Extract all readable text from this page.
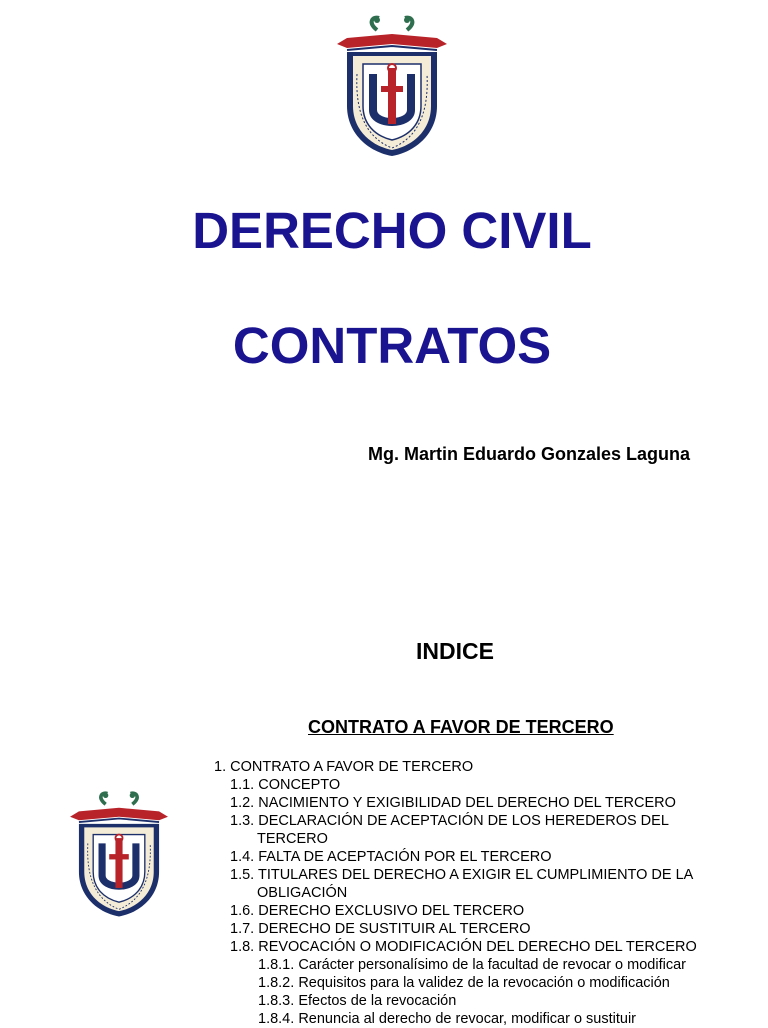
DERECHO CIVIL
CONTRATOS
Mg. Martin Eduardo Gonzales Laguna
INDICE
CONTRATO A FAVOR DE TERCERO
1. CONTRATO A FAVOR DE TERCERO
1.1. CONCEPTO
1.2. NACIMIENTO Y EXIGIBILIDAD DEL DERECHO DEL TERCERO
1.3. DECLARACIÓN DE ACEPTACIÓN DE LOS HEREDEROS DEL
TERCERO
1.4. FALTA DE ACEPTACIÓN POR EL TERCERO
1.5. TITULARES DEL DERECHO A EXIGIR EL CUMPLIMIENTO DE LA
OBLIGACIÓN
1.6. DERECHO EXCLUSIVO DEL TERCERO
1.7. DERECHO DE SUSTITUIR AL TERCERO
1.8. REVOCACIÓN O MODIFICACIÓN DEL DERECHO DEL TERCERO
1.8.1. Carácter personalísimo de la facultad de revocar o modificar
1.8.2. Requisitos para la validez de la revocación o modificación
1.8.3. Efectos de la revocación
1.8.4. Renuncia al derecho de revocar, modificar o sustituir
